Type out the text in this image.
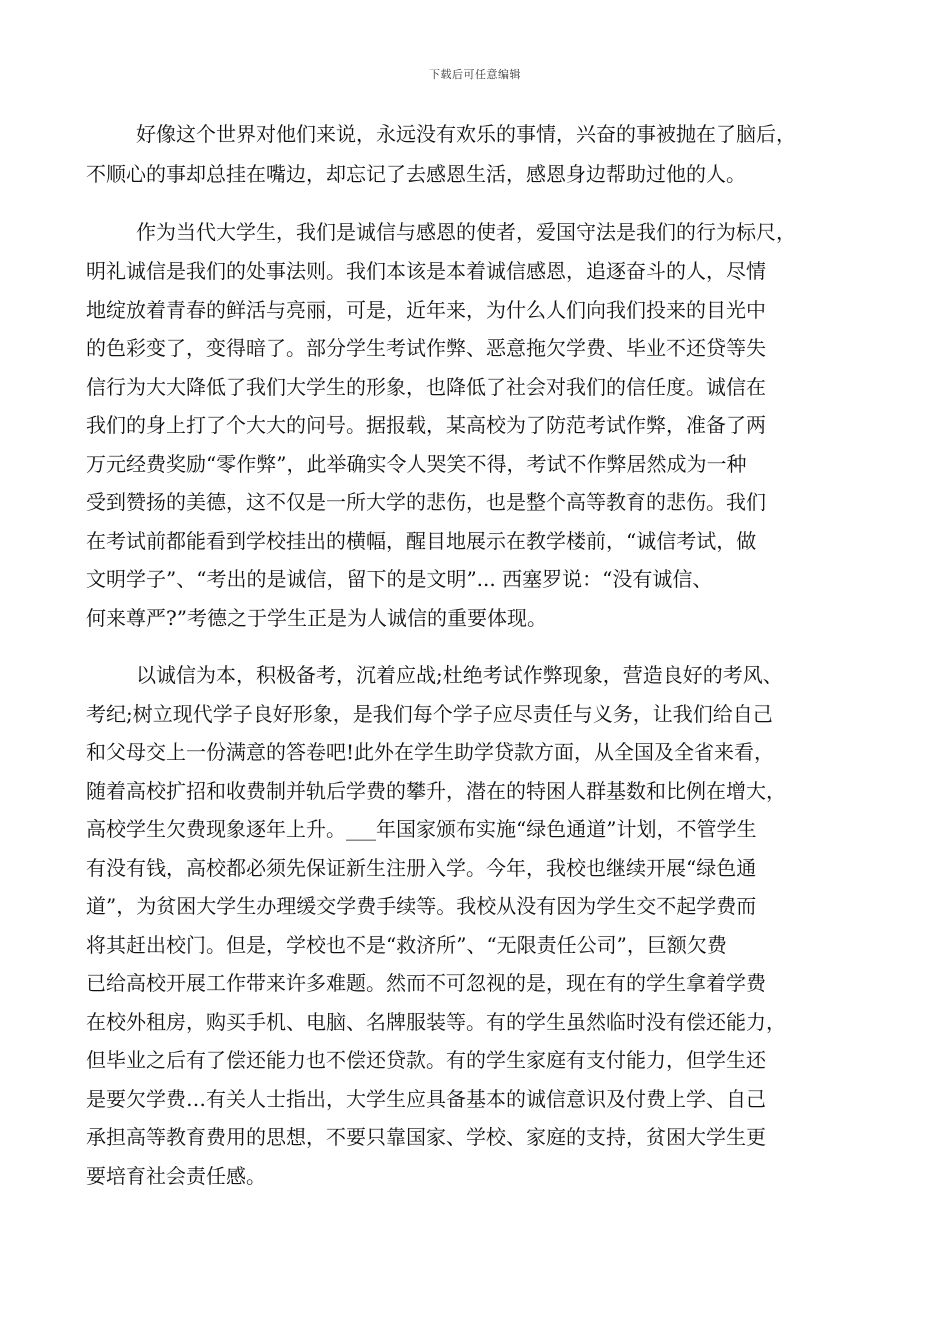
下载后可任意编辑
好像这个世界对他们来说，永远没有欢乐的事情，兴奋的事被抛在了脑后，
不顺心的事却总挂在嘴边，却忘记了去感恩生活，感恩身边帮助过他的人。
作为当代大学生，我们是诚信与感恩的使者，爱国守法是我们的行为标尺，
明礼诚信是我们的处事法则。我们本该是本着诚信感恩，追逐奋斗的人，尽情
地绽放着青春的鲜活与亮丽，可是，近年来，为什么人们向我们投来的目光中
的色彩变了，变得暗了。部分学生考试作弊、恶意拖欠学费、毕业不还贷等失
信行为大大降低了我们大学生的形象，也降低了社会对我们的信任度。诚信在
我们的身上打了个大大的问号。据报载，某高校为了防范考试作弊，准备了两
万元经费奖励“零作弊”，此举确实令人哭笑不得，考试不作弊居然成为一种
受到赞扬的美德，这不仅是一所大学的悲伤，也是整个高等教育的悲伤。我们
在考试前都能看到学校挂出的横幅，醒目地展示在教学楼前，“诚信考试，做
文明学子”、“考出的是诚信，留下的是文明”... 西塞罗说：“没有诚信、
何来尊严?”考德之于学生正是为人诚信的重要体现。
以诚信为本，积极备考，沉着应战;杜绝考试作弊现象，营造良好的考风、
考纪;树立现代学子良好形象，是我们每个学子应尽责任与义务，让我们给自己
和父母交上一份满意的答卷吧!此外在学生助学贷款方面，从全国及全省来看，
随着高校扩招和收费制并轨后学费的攀升，潜在的特困人群基数和比例在增大，
高校学生欠费现象逐年上升。___年国家颁布实施“绿色通道”计划，不管学生
有没有钱，高校都必须先保证新生注册入学。今年，我校也继续开展“绿色通
道”，为贫困大学生办理缓交学费手续等。我校从没有因为学生交不起学费而
将其赶出校门。但是，学校也不是“救济所”、“无限责任公司”，巨额欠费
已给高校开展工作带来许多难题。然而不可忽视的是，现在有的学生拿着学费
在校外租房，购买手机、电脑、名牌服装等。有的学生虽然临时没有偿还能力，
但毕业之后有了偿还能力也不偿还贷款。有的学生家庭有支付能力，但学生还
是要欠学费…有关人士指出，大学生应具备基本的诚信意识及付费上学、自己
承担高等教育费用的思想，不要只靠国家、学校、家庭的支持，贫困大学生更
要培育社会责任感。
